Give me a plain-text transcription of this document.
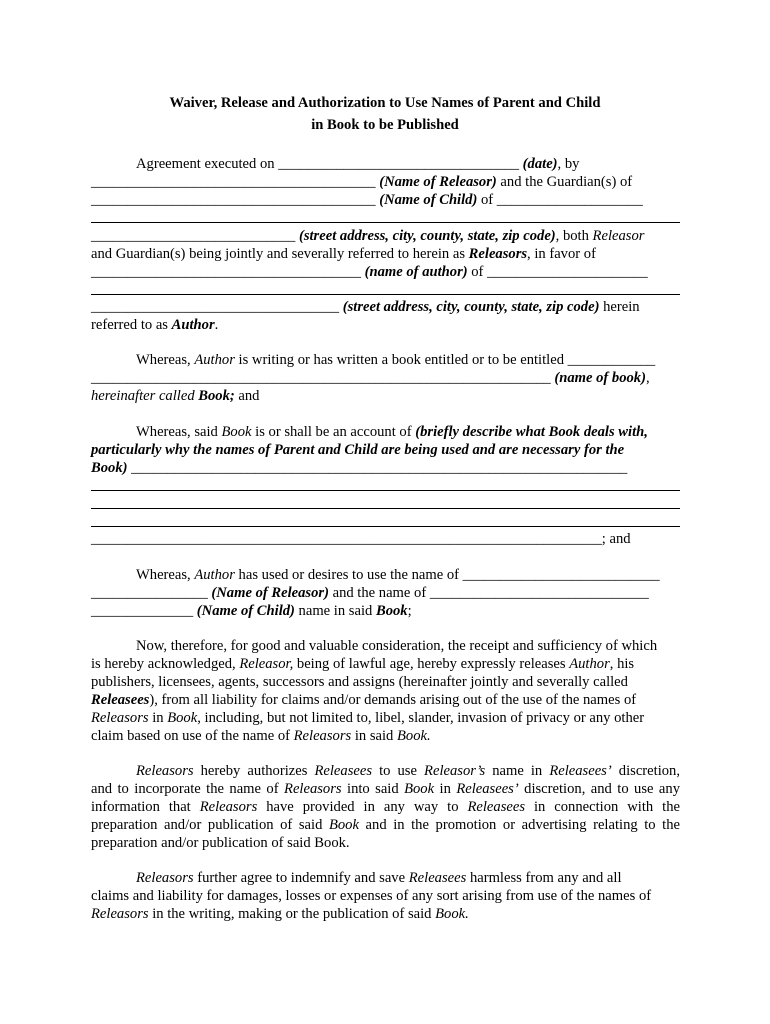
Waiver, Release and Authorization to Use Names of Parent and Child
in Book to be Published
Agreement executed on _________________________________ (date), by
_______________________________________ (Name of Releasor) and the Guardian(s) of
_______________________________________ (Name of Child) of ____________________
____________________________ (street address, city, county, state, zip code), both Releasor
and Guardian(s) being jointly and severally referred to herein as Releasors, in favor of
_____________________________________ (name of author) of ______________________
__________________________________ (street address, city, county, state, zip code) herein
referred to as Author.
Whereas, Author is writing or has written a book entitled or to be entitled ____________
_______________________________________________________________ (name of book),
hereinafter called Book; and
Whereas, said Book is or shall be an account of (briefly describe what Book deals with,
particularly why the names of Parent and Child are being used and are necessary for the
Book) ____________________________________________________________________
______________________________________________________________________; and
Whereas, Author has used or desires to use the name of ___________________________
________________ (Name of Releasor) and the name of ______________________________
______________ (Name of Child) name in said Book;
Now, therefore, for good and valuable consideration, the receipt and sufficiency of which
is hereby acknowledged, Releasor, being of lawful age, hereby expressly releases Author, his
publishers, licensees, agents, successors and assigns (hereinafter jointly and severally called
Releasees), from all liability for claims and/or demands arising out of the use of the names of
Releasors in Book, including, but not limited to, libel, slander, invasion of privacy or any other
claim based on use of the name of Releasors in said Book.
Releasors hereby authorizes Releasees to use Releasor’s name in Releasees’ discretion,
and to incorporate the name of Releasors into said Book in Releasees’ discretion, and to use any
information that Releasors have provided in any way to Releasees in connection with the
preparation and/or publication of said Book and in the promotion or advertising relating to the
preparation and/or publication of said Book.
Releasors further agree to indemnify and save Releasees harmless from any and all
claims and liability for damages, losses or expenses of any sort arising from use of the names of
Releasors in the writing, making or the publication of said Book.
